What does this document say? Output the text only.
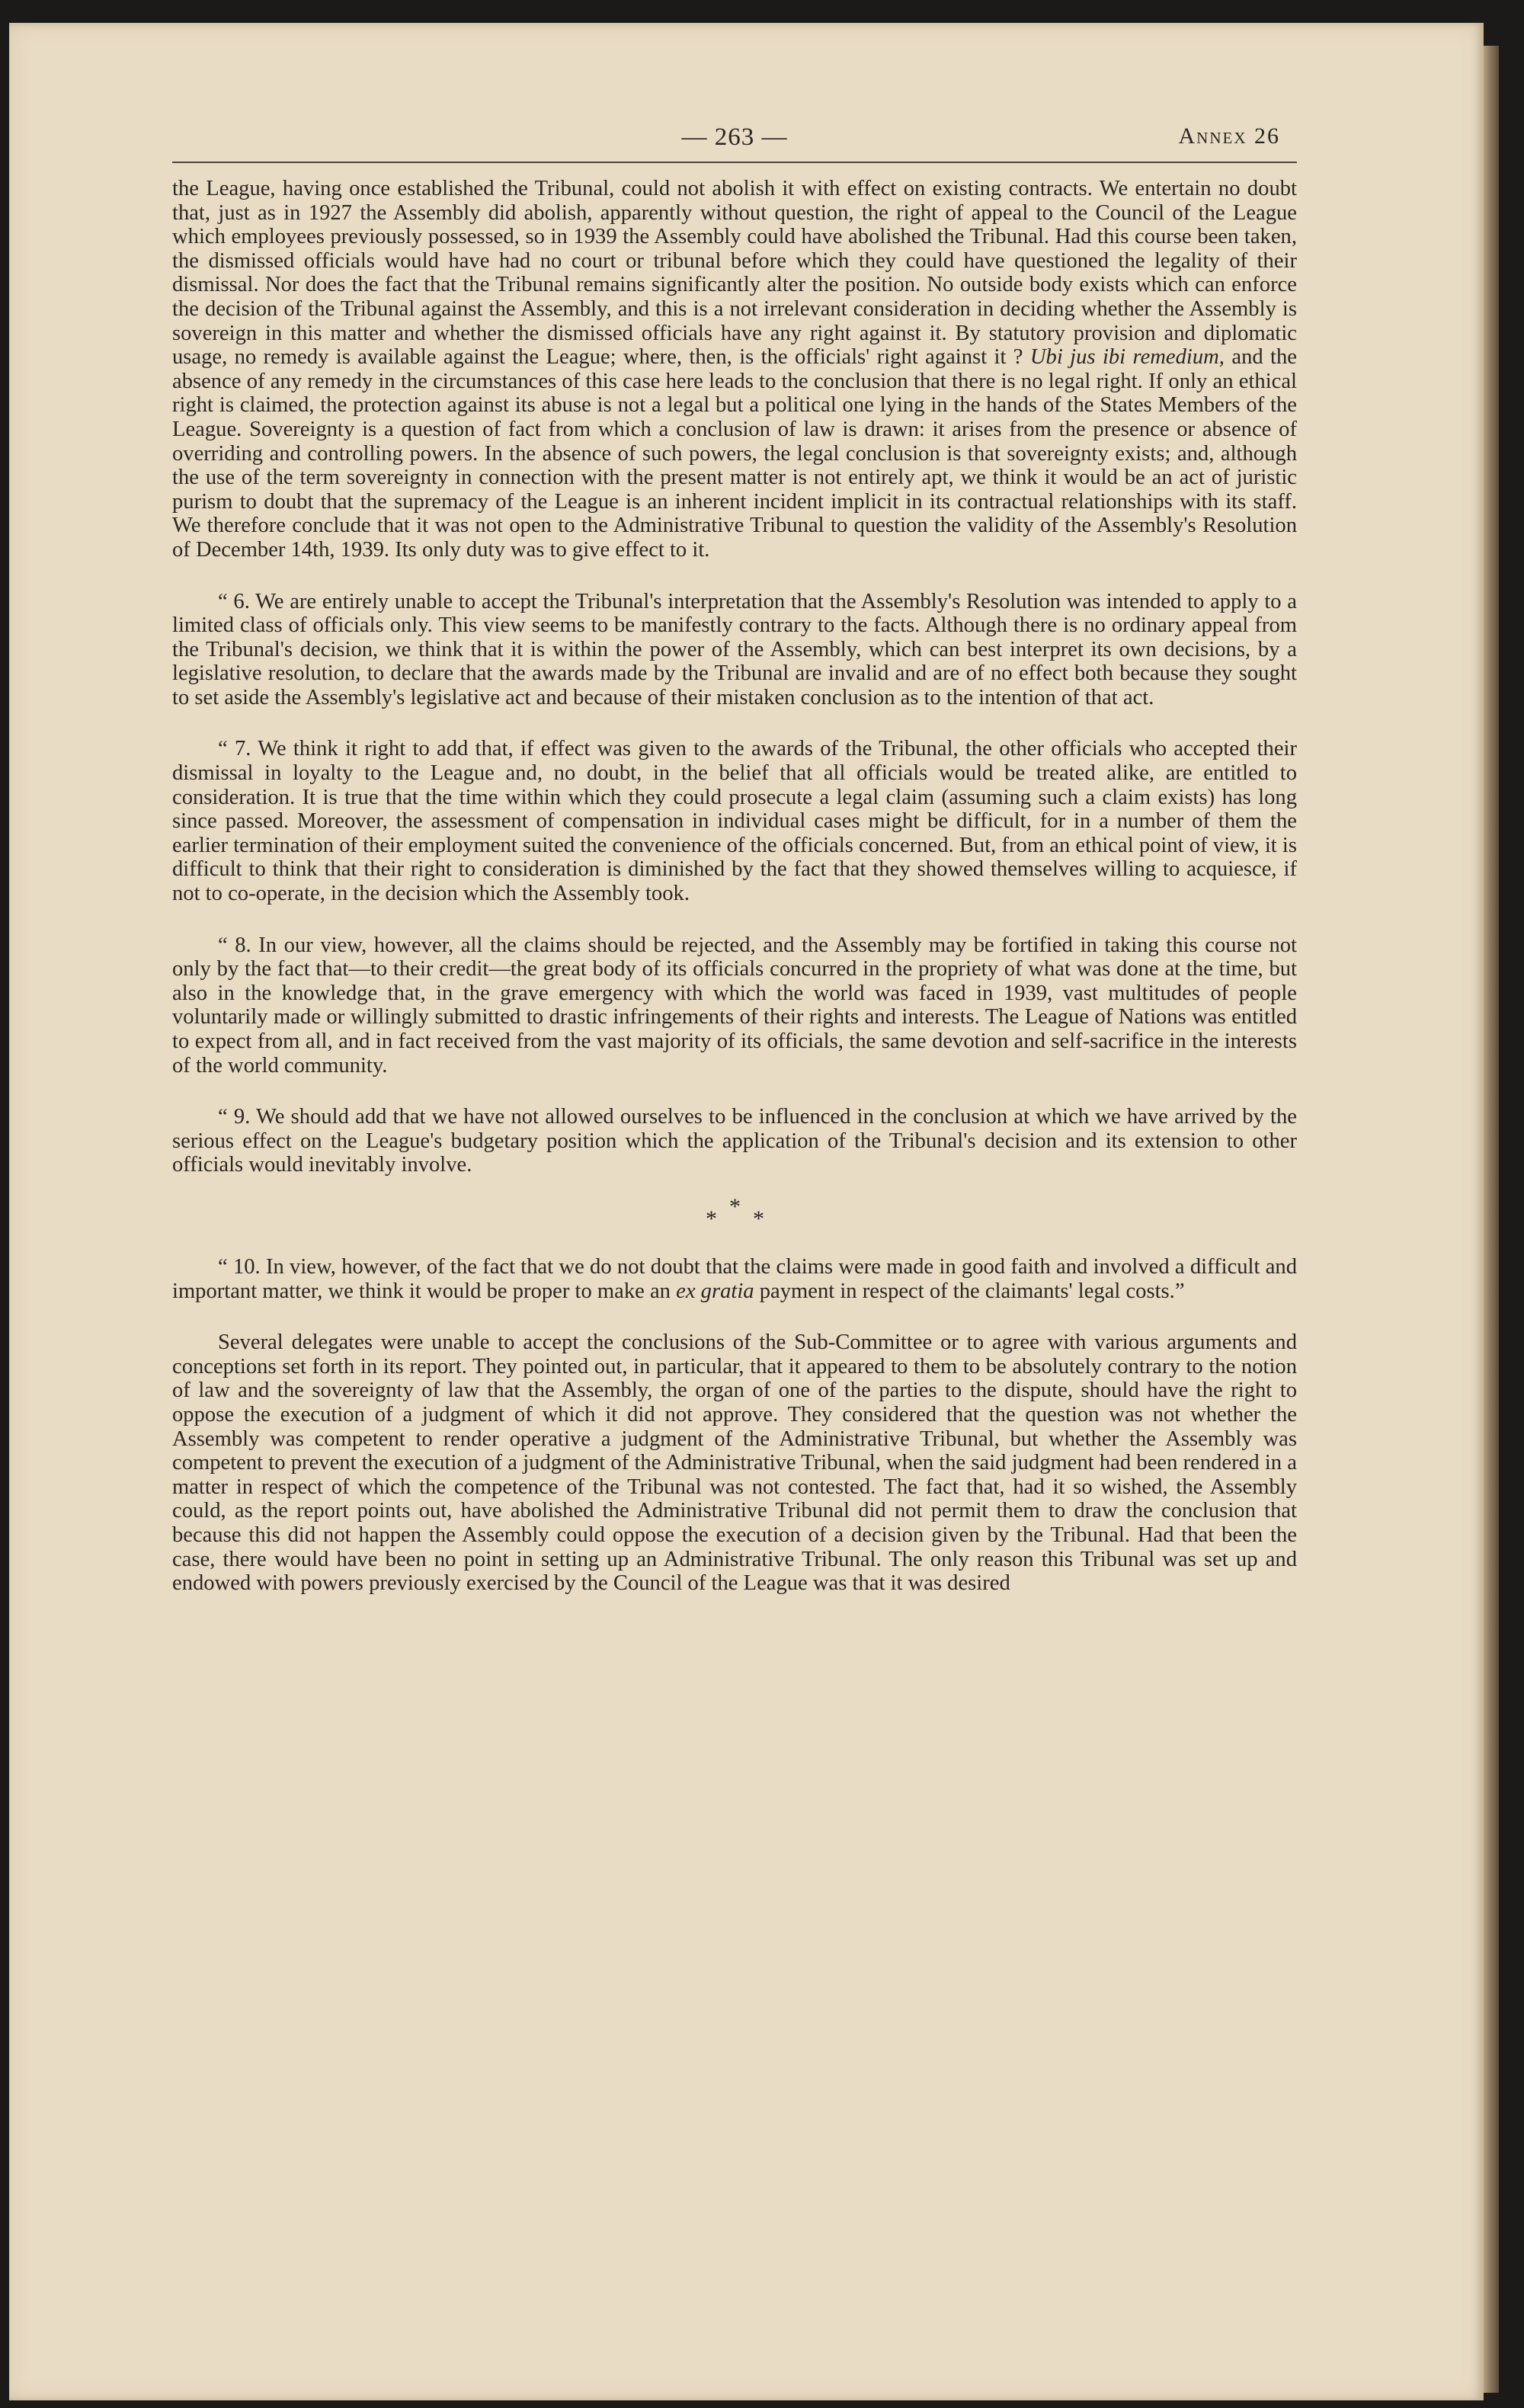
— 263 —	Annex 26

the League, having once established the Tribunal, could not abolish it with effect on existing contracts. We entertain no doubt that, just as in 1927 the Assembly did abolish, apparently without question, the right of appeal to the Council of the League which employees previously possessed, so in 1939 the Assembly could have abolished the Tribunal. Had this course been taken, the dismissed officials would have had no court or tribunal before which they could have questioned the legality of their dismissal. Nor does the fact that the Tribunal remains significantly alter the position. No outside body exists which can enforce the decision of the Tribunal against the Assembly, and this is a not irrelevant consideration in deciding whether the Assembly is sovereign in this matter and whether the dismissed officials have any right against it. By statutory provision and diplomatic usage, no remedy is available against the League; where, then, is the officials' right against it ? Ubi jus ibi remedium, and the absence of any remedy in the circumstances of this case here leads to the conclusion that there is no legal right. If only an ethical right is claimed, the protection against its abuse is not a legal but a political one lying in the hands of the States Members of the League. Sovereignty is a question of fact from which a conclusion of law is drawn: it arises from the presence or absence of overriding and controlling powers. In the absence of such powers, the legal conclusion is that sovereignty exists; and, although the use of the term sovereignty in connection with the present matter is not entirely apt, we think it would be an act of juristic purism to doubt that the supremacy of the League is an inherent incident implicit in its contractual relationships with its staff. We therefore conclude that it was not open to the Administrative Tribunal to question the validity of the Assembly's Resolution of December 14th, 1939. Its only duty was to give effect to it.

“ 6. We are entirely unable to accept the Tribunal's interpretation that the Assembly's Resolution was intended to apply to a limited class of officials only. This view seems to be manifestly contrary to the facts. Although there is no ordinary appeal from the Tribunal's decision, we think that it is within the power of the Assembly, which can best interpret its own decisions, by a legislative resolution, to declare that the awards made by the Tribunal are invalid and are of no effect both because they sought to set aside the Assembly's legislative act and because of their mistaken conclusion as to the intention of that act.

“ 7. We think it right to add that, if effect was given to the awards of the Tribunal, the other officials who accepted their dismissal in loyalty to the League and, no doubt, in the belief that all officials would be treated alike, are entitled to consideration. It is true that the time within which they could prosecute a legal claim (assuming such a claim exists) has long since passed. Moreover, the assessment of compensation in individual cases might be difficult, for in a number of them the earlier termination of their employment suited the convenience of the officials concerned. But, from an ethical point of view, it is difficult to think that their right to consideration is diminished by the fact that they showed themselves willing to acquiesce, if not to co-operate, in the decision which the Assembly took.

“ 8. In our view, however, all the claims should be rejected, and the Assembly may be fortified in taking this course not only by the fact that—to their credit—the great body of its officials concurred in the propriety of what was done at the time, but also in the knowledge that, in the grave emergency with which the world was faced in 1939, vast multitudes of people voluntarily made or willingly submitted to drastic infringements of their rights and interests. The League of Nations was entitled to expect from all, and in fact received from the vast majority of its officials, the same devotion and self-sacrifice in the interests of the world community.

“ 9. We should add that we have not allowed ourselves to be influenced in the conclusion at which we have arrived by the serious effect on the League's budgetary position which the application of the Tribunal's decision and its extension to other officials would inevitably involve.

* * *

“ 10. In view, however, of the fact that we do not doubt that the claims were made in good faith and involved a difficult and important matter, we think it would be proper to make an ex gratia payment in respect of the claimants' legal costs.”

Several delegates were unable to accept the conclusions of the Sub-Committee or to agree with various arguments and conceptions set forth in its report. They pointed out, in particular, that it appeared to them to be absolutely contrary to the notion of law and the sovereignty of law that the Assembly, the organ of one of the parties to the dispute, should have the right to oppose the execution of a judgment of which it did not approve. They considered that the question was not whether the Assembly was competent to render operative a judgment of the Administrative Tribunal, but whether the Assembly was competent to prevent the execution of a judgment of the Administrative Tribunal, when the said judgment had been rendered in a matter in respect of which the competence of the Tribunal was not contested. The fact that, had it so wished, the Assembly could, as the report points out, have abolished the Administrative Tribunal did not permit them to draw the conclusion that because this did not happen the Assembly could oppose the execution of a decision given by the Tribunal. Had that been the case, there would have been no point in setting up an Administrative Tribunal. The only reason this Tribunal was set up and endowed with powers previously exercised by the Council of the League was that it was desired
